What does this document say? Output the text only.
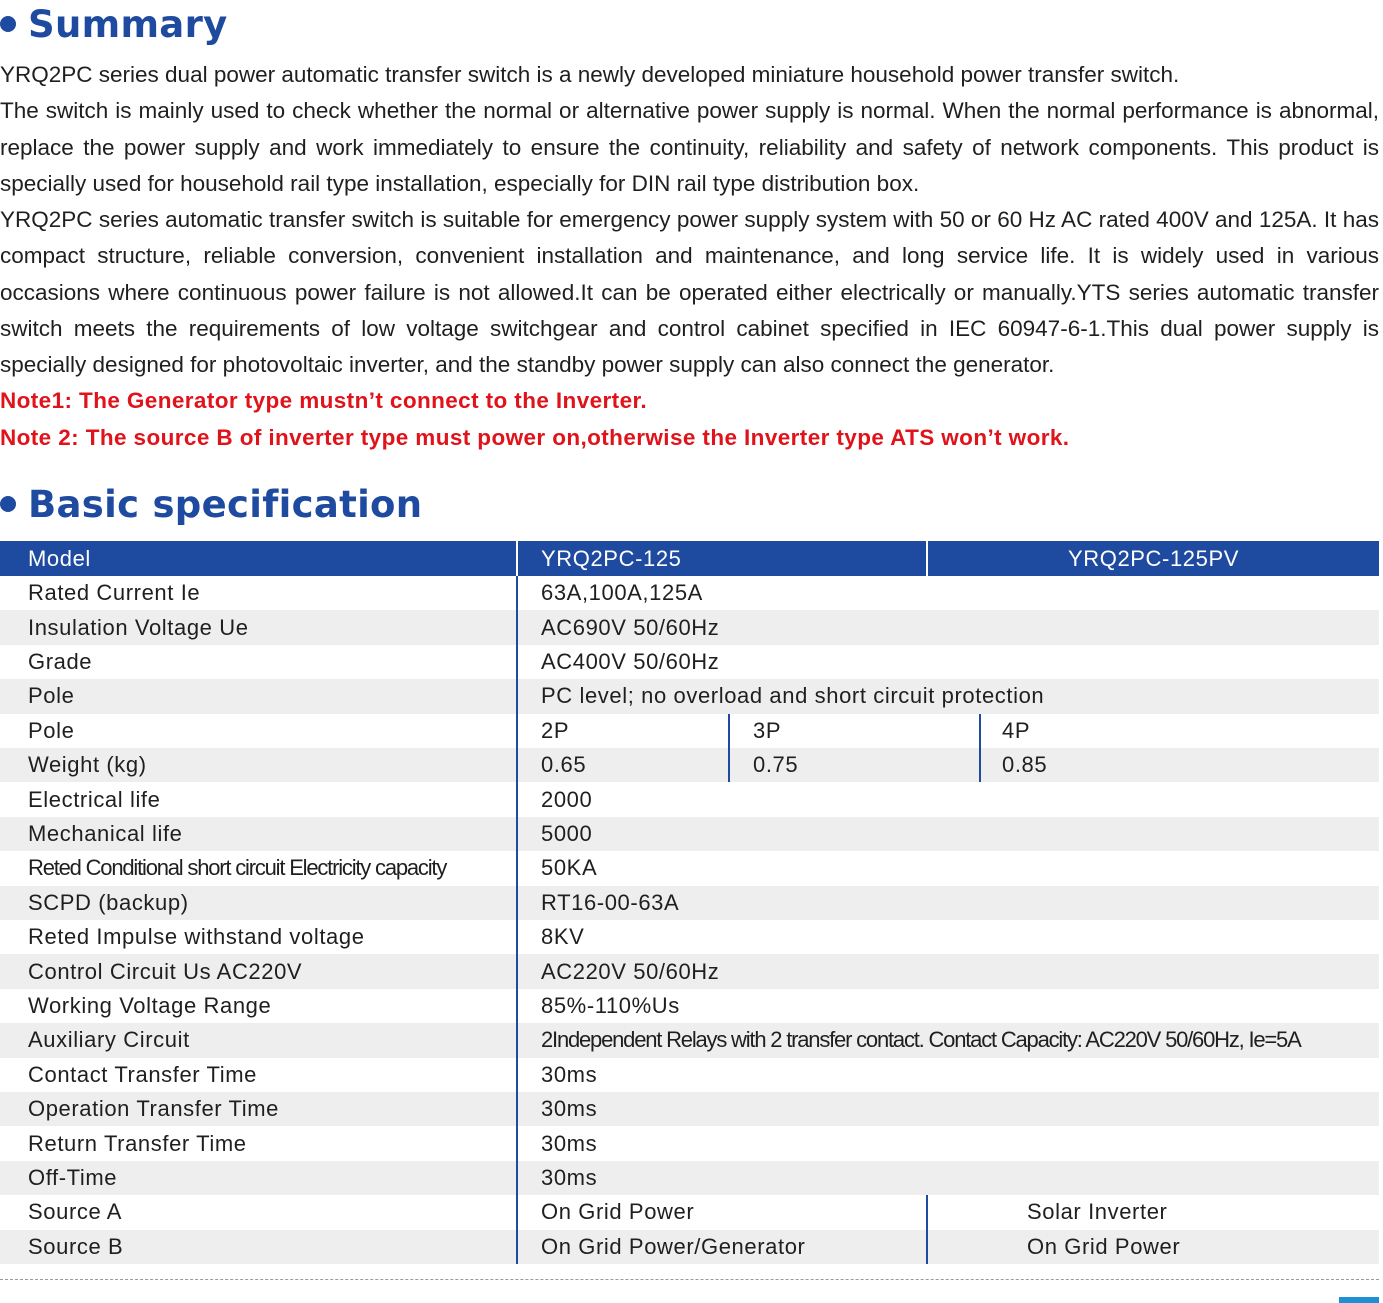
Summary

YRQ2PC series dual power automatic transfer switch is a newly developed miniature household power transfer switch.

The switch is mainly used to check whether the normal or alternative power supply is normal. When the normal performance is abnormal, replace the power supply and work immediately to ensure the continuity, reliability and safety of network components. This product is specially used for household rail type installation, especially for DIN rail type distribution box.

YRQ2PC series automatic transfer switch is suitable for emergency power supply system with 50 or 60 Hz AC rated 400V and 125A. It has compact structure, reliable conversion, convenient installation and maintenance, and long service life. It is widely used in various occasions where continuous power failure is not allowed.It can be operated either electrically or manually.YTS series automatic transfer switch meets the requirements of low voltage switchgear and control cabinet specified in IEC 60947-6-1.This dual power supply is specially designed for photovoltaic inverter, and the standby power supply can also connect the generator.

Note1: The Generator type mustn’t connect to the Inverter.
Note 2: The source B of inverter type must power on,otherwise the Inverter type ATS won’t work.
Basic specification
Model	YRQ2PC-125	YRQ2PC-125PV
Rated Current Ie	63A,100A,125A
Insulation Voltage Ue	AC690V 50/60Hz
Grade	AC400V 50/60Hz
Pole	PC level; no overload and short circuit protection
Pole	2P	3P	4P
Weight (kg)	0.65	0.75	0.85
Electrical life	2000
Mechanical life	5000
Reted Conditional short circuit Electricity capacity	50KA
SCPD (backup)	RT16-00-63A
Reted Impulse withstand voltage	8KV
Control Circuit Us AC220V	AC220V 50/60Hz
Working Voltage Range	85%-110%Us
Auxiliary Circuit	2Independent Relays with 2 transfer contact. Contact Capacity: AC220V 50/60Hz, Ie=5A
Contact Transfer Time	30ms
Operation Transfer Time	30ms
Return Transfer Time	30ms
Off-Time	30ms
Source A	On Grid Power	Solar Inverter
Source B	On Grid Power/Generator	On Grid Power
